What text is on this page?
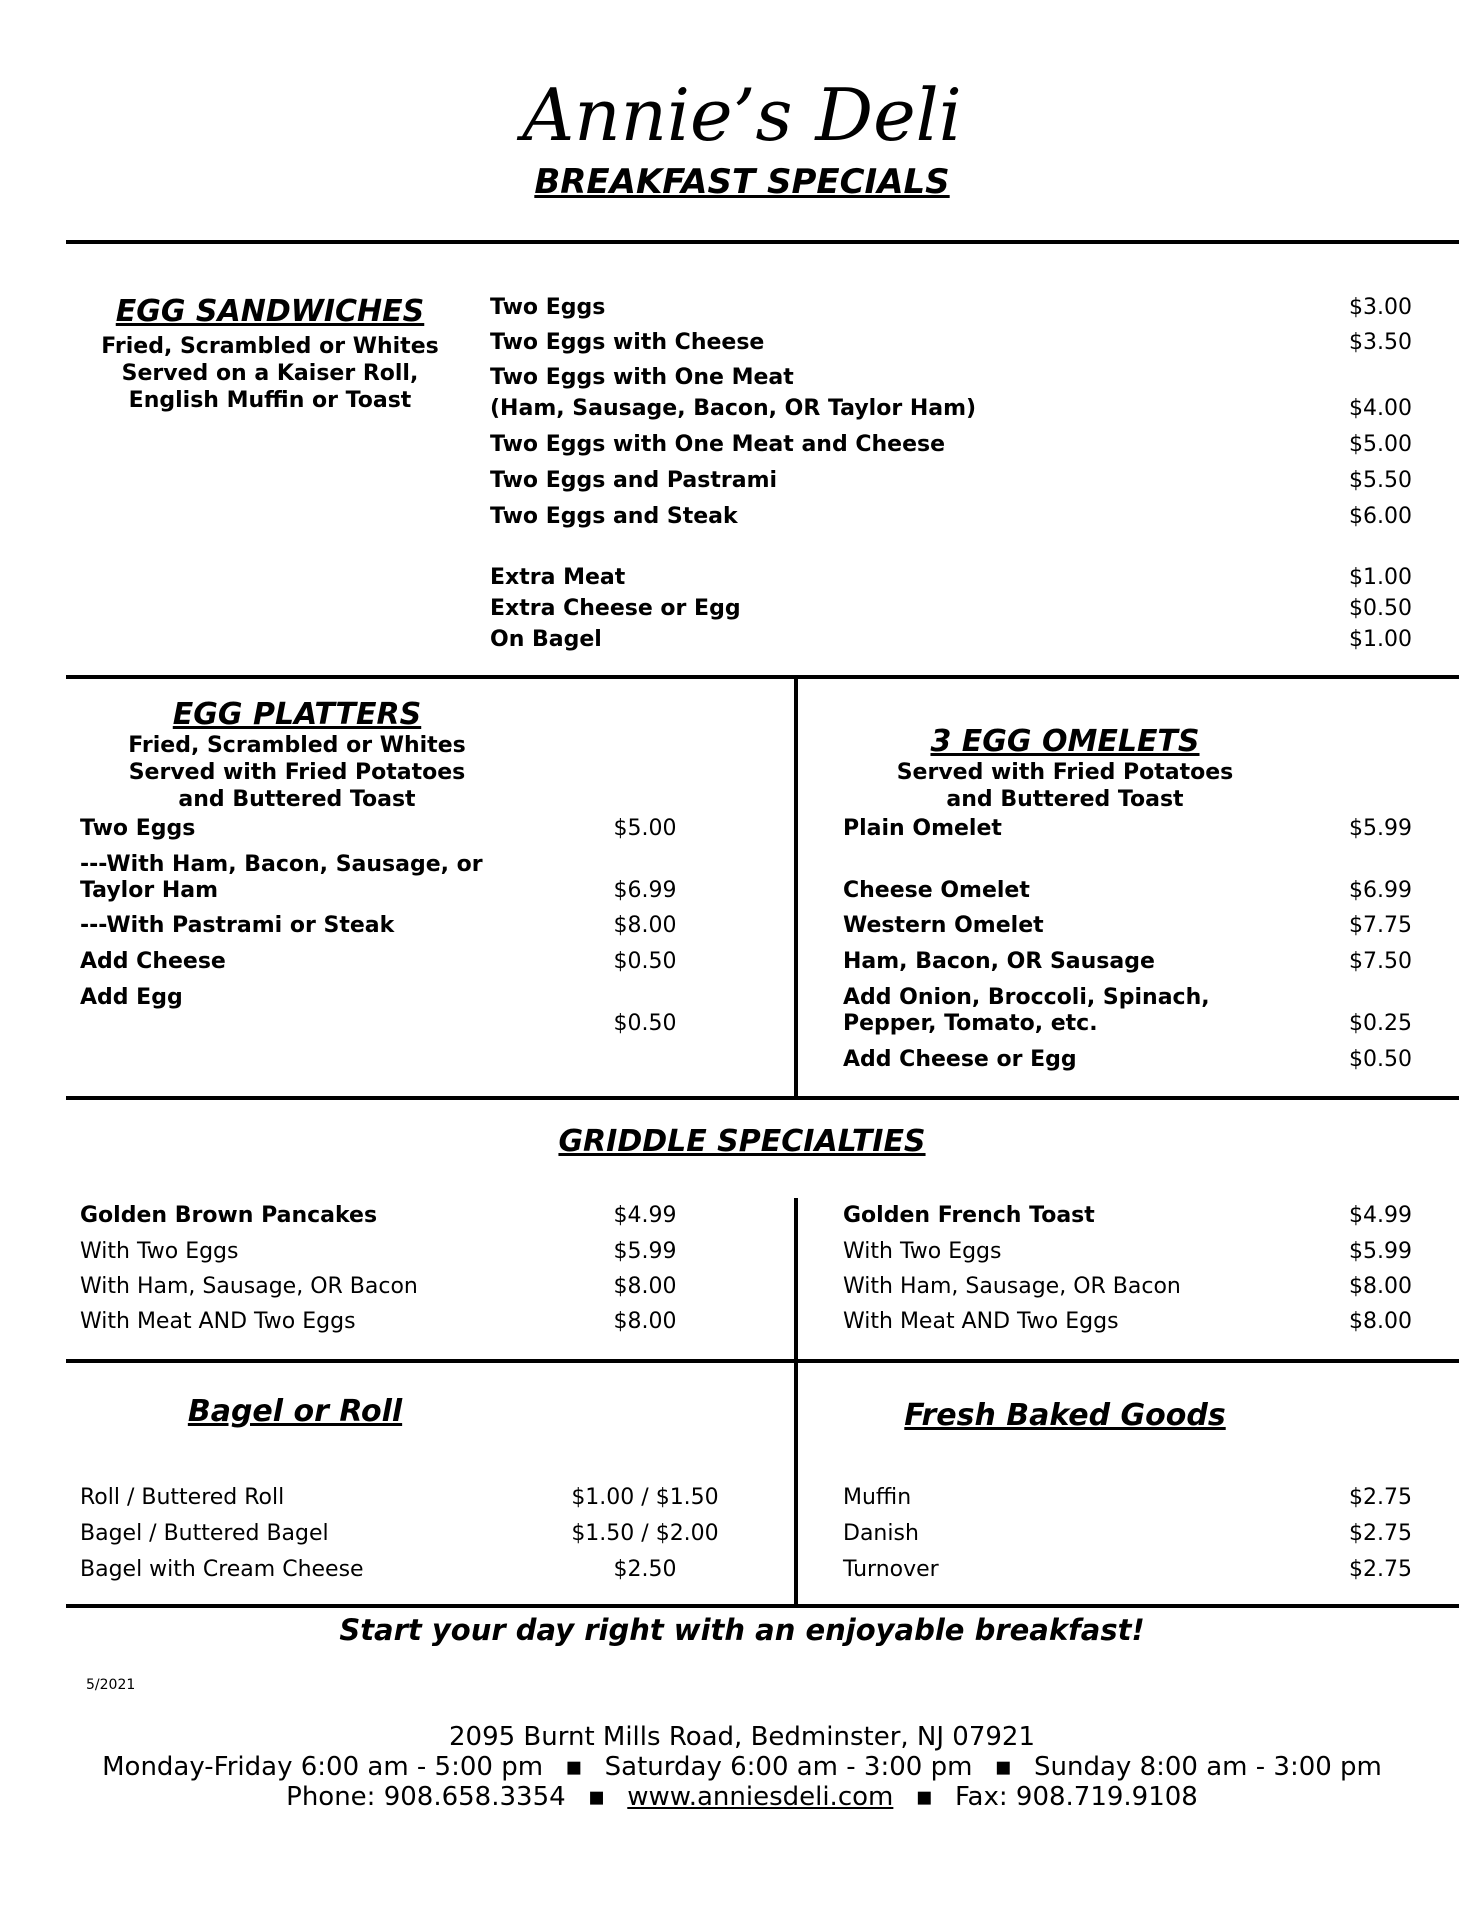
Annie’s Deli
BREAKFAST SPECIALS
EGG SANDWICHES
Fried, Scrambled or Whites
Served on a Kaiser Roll,
English Muffin or Toast
Two Eggs	$3.00
Two Eggs with Cheese	$3.50
Two Eggs with One Meat
(Ham, Sausage, Bacon, OR Taylor Ham)	$4.00
Two Eggs with One Meat and Cheese	$5.00
Two Eggs and Pastrami	$5.50
Two Eggs and Steak	$6.00
Extra Meat	$1.00
Extra Cheese or Egg	$0.50
On Bagel	$1.00
EGG PLATTERS
Fried, Scrambled or Whites
Served with Fried Potatoes
and Buttered Toast
Two Eggs	$5.00
---With Ham, Bacon, Sausage, or
Taylor Ham	$6.99
---With Pastrami or Steak	$8.00
Add Cheese	$0.50
Add Egg
$0.50
3 EGG OMELETS
Served with Fried Potatoes
and Buttered Toast
Plain Omelet	$5.99
Cheese Omelet	$6.99
Western Omelet	$7.75
Ham, Bacon, OR Sausage	$7.50
Add Onion, Broccoli, Spinach,
Pepper, Tomato, etc.	$0.25
Add Cheese or Egg	$0.50
GRIDDLE SPECIALTIES
Golden Brown Pancakes	$4.99
With Two Eggs	$5.99
With Ham, Sausage, OR Bacon	$8.00
With Meat AND Two Eggs	$8.00
Golden French Toast	$4.99
With Two Eggs	$5.99
With Ham, Sausage, OR Bacon	$8.00
With Meat AND Two Eggs	$8.00
Bagel or Roll
Roll / Buttered Roll	$1.00 / $1.50
Bagel / Buttered Bagel	$1.50 / $2.00
Bagel with Cream Cheese	$2.50
Fresh Baked Goods
Muffin	$2.75
Danish	$2.75
Turnover	$2.75
Start your day right with an enjoyable breakfast!
5/2021
2095 Burnt Mills Road, Bedminster, NJ 07921
Monday-Friday 6:00 am - 5:00 pm ▪ Saturday 6:00 am - 3:00 pm ▪ Sunday 8:00 am - 3:00 pm
Phone: 908.658.3354 ▪ www.anniesdeli.com ▪ Fax: 908.719.9108
